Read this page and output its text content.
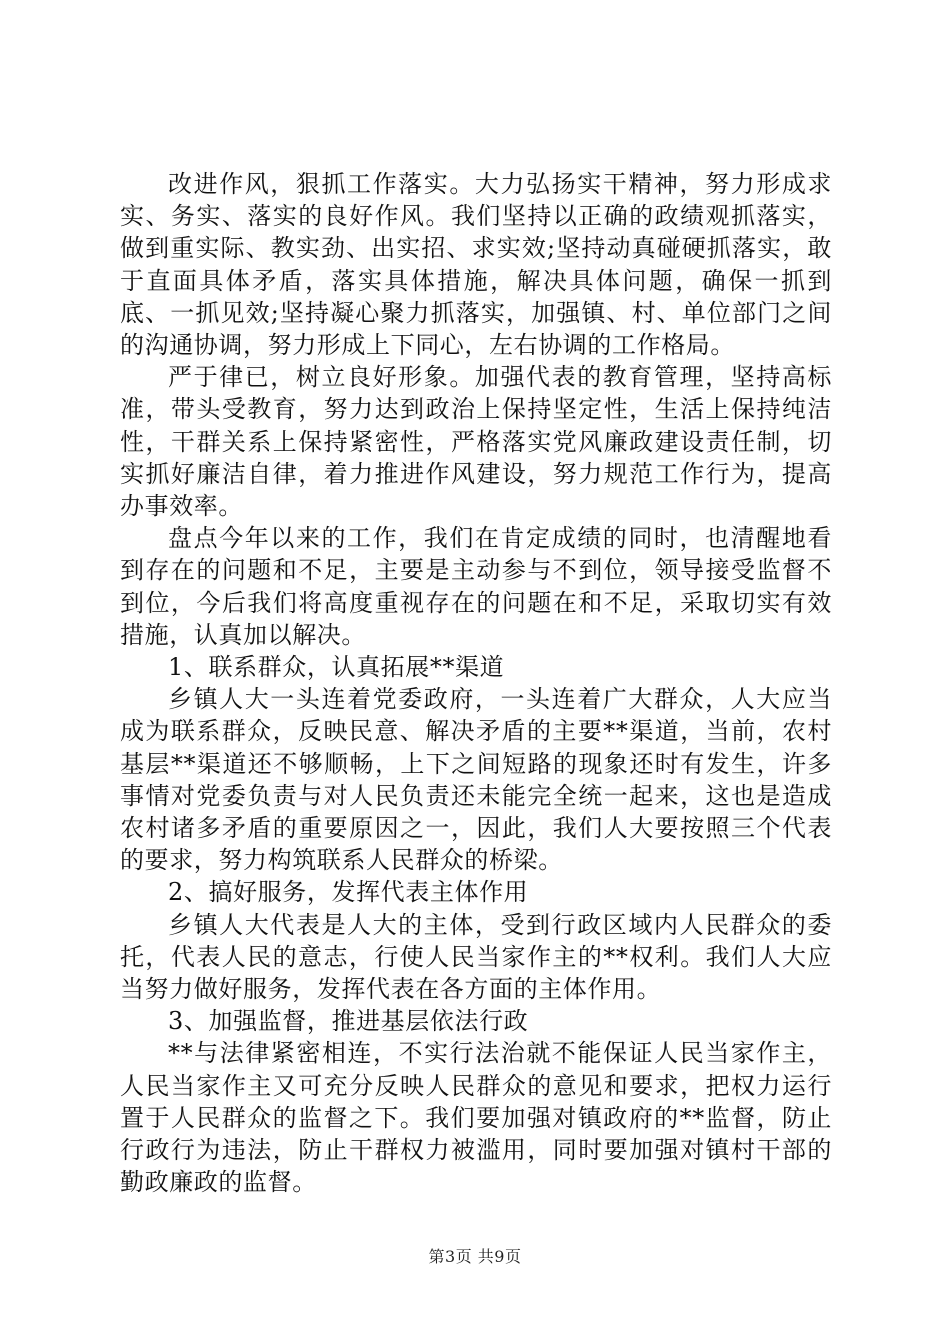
改进作风，狠抓工作落实。大力弘扬实干精神，努力形成求实、务实、落实的良好作风。我们坚持以正确的政绩观抓落实，做到重实际、教实劲、出实招、求实效;坚持动真碰硬抓落实，敢于直面具体矛盾，落实具体措施，解决具体问题，确保一抓到底、一抓见效;坚持凝心聚力抓落实，加强镇、村、单位部门之间的沟通协调，努力形成上下同心，左右协调的工作格局。

严于律已，树立良好形象。加强代表的教育管理，坚持高标准，带头受教育，努力达到政治上保持坚定性，生活上保持纯洁性，干群关系上保持紧密性，严格落实党风廉政建设责任制，切实抓好廉洁自律，着力推进作风建设，努力规范工作行为，提高办事效率。

盘点今年以来的工作，我们在肯定成绩的同时，也清醒地看到存在的问题和不足，主要是主动参与不到位，领导接受监督不到位，今后我们将高度重视存在的问题在和不足，采取切实有效措施，认真加以解决。

1、联系群众，认真拓展**渠道

乡镇人大一头连着党委政府，一头连着广大群众，人大应当成为联系群众，反映民意、解决矛盾的主要**渠道，当前，农村基层**渠道还不够顺畅，上下之间短路的现象还时有发生，许多事情对党委负责与对人民负责还未能完全统一起来，这也是造成农村诸多矛盾的重要原因之一，因此，我们人大要按照三个代表的要求，努力构筑联系人民群众的桥梁。

2、搞好服务，发挥代表主体作用

乡镇人大代表是人大的主体，受到行政区域内人民群众的委托，代表人民的意志，行使人民当家作主的**权利。我们人大应当努力做好服务，发挥代表在各方面的主体作用。

3、加强监督，推进基层依法行政

**与法律紧密相连，不实行法治就不能保证人民当家作主，人民当家作主又可充分反映人民群众的意见和要求，把权力运行置于人民群众的监督之下。我们要加强对镇政府的**监督，防止行政行为违法，防止干群权力被滥用，同时要加强对镇村干部的勤政廉政的监督。

第3页 共9页
